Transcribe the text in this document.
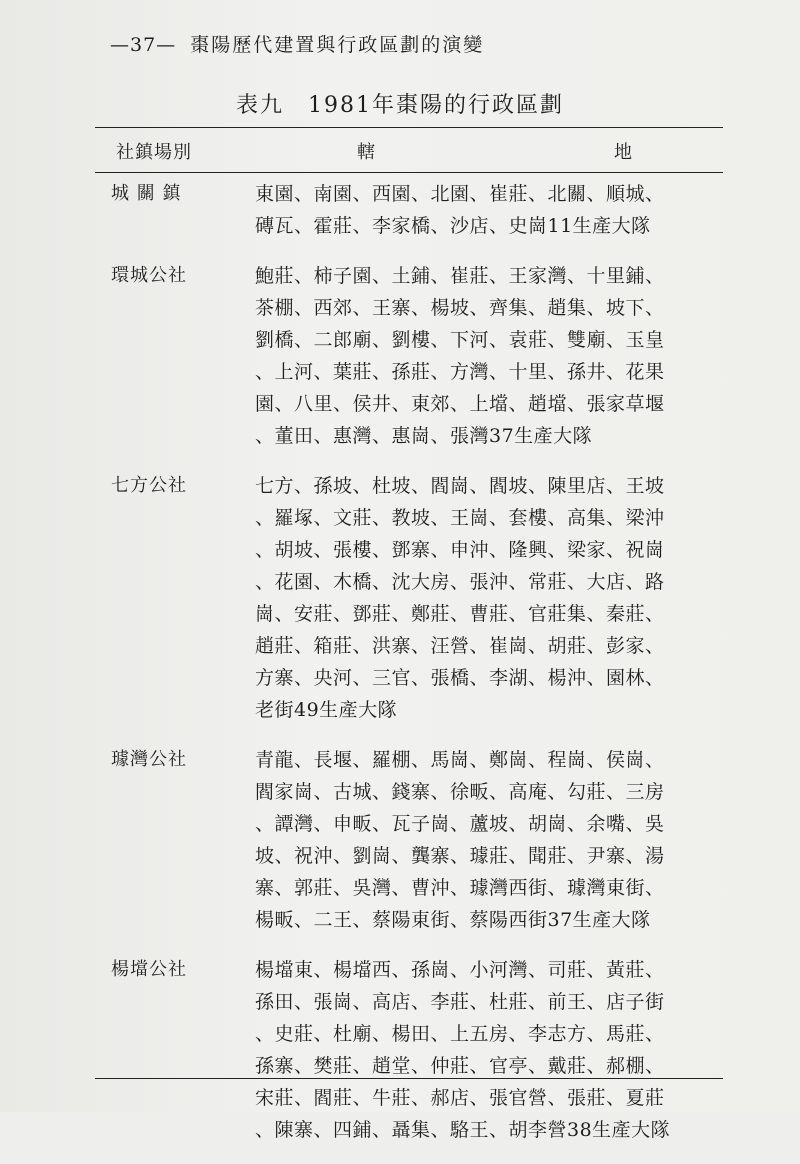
—37— 棗陽歷代建置與行政區劃的演變
表九　1981年棗陽的行政區劃
社鎮場別	轄	地
城 關 鎮	東園、南園、西園、北園、崔莊、北關、順城、
磚瓦、霍莊、李家橋、沙店、史崗11生產大隊
環城公社	鮑莊、柿子園、土鋪、崔莊、王家灣、十里鋪、
茶棚、西郊、王寨、楊坡、齊集、趙集、坡下、
劉橋、二郎廟、劉樓、下河、袁莊、雙廟、玉皇
、上河、葉莊、孫莊、方灣、十里、孫井、花果
園、八里、侯井、東郊、上壋、趙壋、張家草堰
、董田、惠灣、惠崗、張灣37生產大隊
七方公社	七方、孫坡、杜坡、閻崗、閻坡、陳里店、王坡
、羅塚、文莊、教坡、王崗、套樓、高集、梁沖
、胡坡、張樓、鄧寨、申沖、隆興、梁家、祝崗
、花園、木橋、沈大房、張沖、常莊、大店、路
崗、安莊、鄧莊、鄭莊、曹莊、官莊集、秦莊、
趙莊、箱莊、洪寨、汪營、崔崗、胡莊、彭家、
方寨、央河、三官、張橋、李湖、楊沖、園林、
老街49生產大隊
璩灣公社	青龍、長堰、羅棚、馬崗、鄭崗、程崗、侯崗、
閻家崗、古城、錢寨、徐畈、高庵、勾莊、三房
、譚灣、申畈、瓦子崗、蘆坡、胡崗、余嘴、吳
坡、祝沖、劉崗、龔寨、璩莊、聞莊、尹寨、湯
寨、郭莊、吳灣、曹沖、璩灣西街、璩灣東街、
楊畈、二王、蔡陽東街、蔡陽西街37生產大隊
楊壋公社	楊壋東、楊壋西、孫崗、小河灣、司莊、黃莊、
孫田、張崗、高店、李莊、杜莊、前王、店子街
、史莊、杜廟、楊田、上五房、李志方、馬莊、
孫寨、樊莊、趙堂、仲莊、官亭、戴莊、郝棚、
宋莊、閻莊、牛莊、郝店、張官營、張莊、夏莊
、陳寨、四鋪、聶集、駱王、胡李營38生產大隊
